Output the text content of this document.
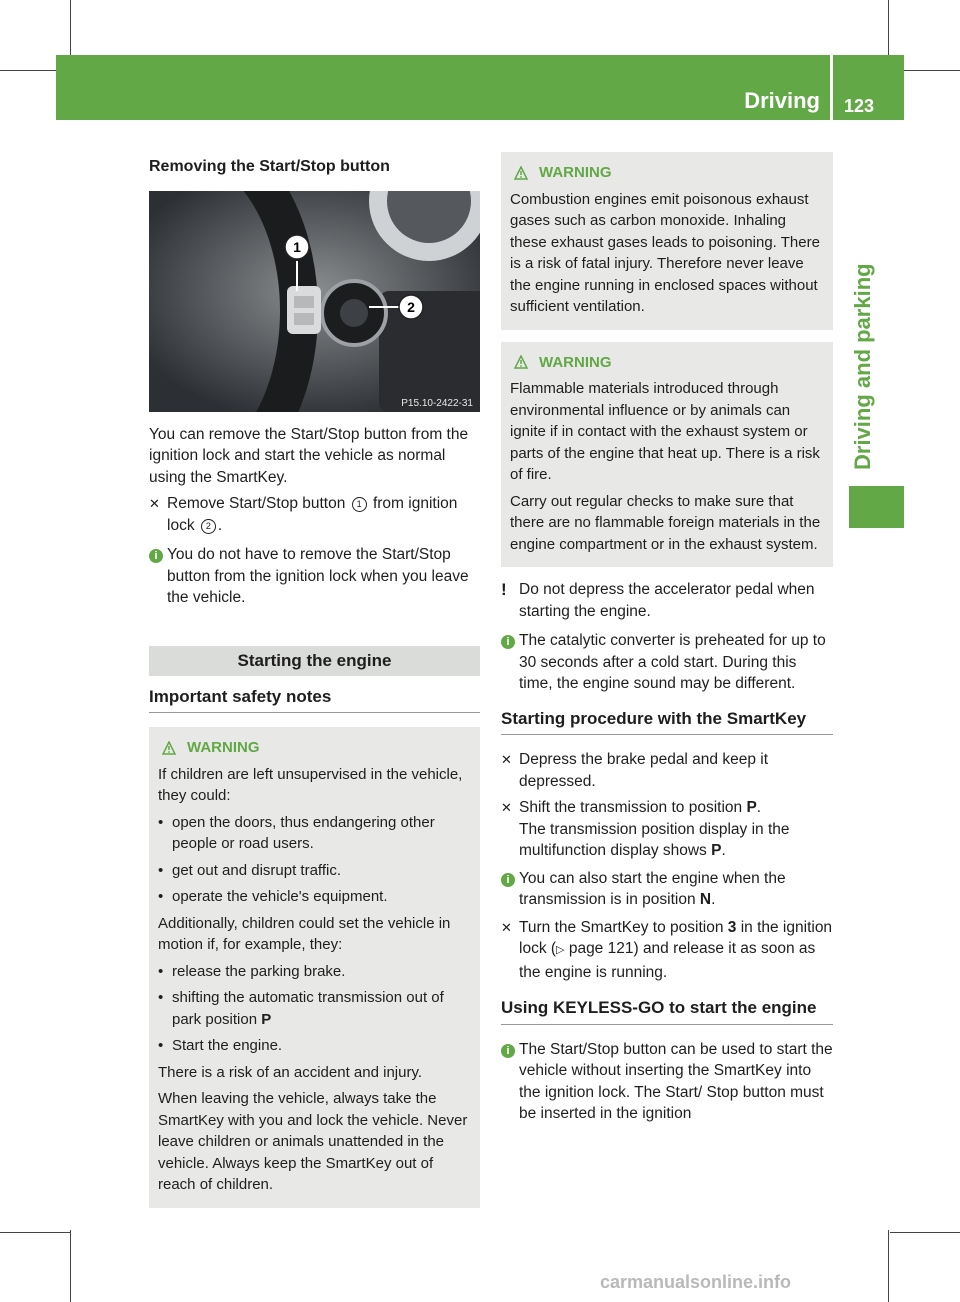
Driving 123
Driving and parking

Removing the Start/Stop button

1
2
P15.10-2422-31

You can remove the Start/Stop button from the ignition lock and start the vehicle as normal using the SmartKey.

✕ Remove Start/Stop button 1 from ignition lock 2 .
i You do not have to remove the Start/Stop button from the ignition lock when you leave the vehicle.
Starting the engine

Important safety notes

WARNING

If children are left unsupervised in the vehicle, they could:

• open the doors, thus endangering other people or road users.
• get out and disrupt traffic.
• operate the vehicle's equipment.

Additionally, children could set the vehicle in motion if, for example, they:

• release the parking brake.
• shifting the automatic transmission out of park position P
• Start the engine.

There is a risk of an accident and injury.

When leaving the vehicle, always take the SmartKey with you and lock the vehicle. Never leave children or animals unattended in the vehicle. Always keep the SmartKey out of reach of children.

WARNING

Combustion engines emit poisonous exhaust gases such as carbon monoxide. Inhaling these exhaust gases leads to poisoning. There is a risk of fatal injury. Therefore never leave the engine running in enclosed spaces without sufficient ventilation.

WARNING

Flammable materials introduced through environmental influence or by animals can ignite if in contact with the exhaust system or parts of the engine that heat up. There is a risk of fire.

Carry out regular checks to make sure that there are no flammable foreign materials in the engine compartment or in the exhaust system.

! Do not depress the accelerator pedal when starting the engine.
i The catalytic converter is preheated for up to 30 seconds after a cold start. During this time, the engine sound may be different.

Starting procedure with the SmartKey

✕ Depress the brake pedal and keep it depressed.
✕ Shift the transmission to position P.
The transmission position display in the multifunction display shows P.
i You can also start the engine when the transmission is in position N.
✕ Turn the SmartKey to position 3 in the ignition lock (▷ page 121) and release it as soon as the engine is running.

Using KEYLESS-GO to start the engine

i The Start/Stop button can be used to start the vehicle without inserting the SmartKey into the ignition lock. The Start/ Stop button must be inserted in the ignition
carmanualsonline.info
